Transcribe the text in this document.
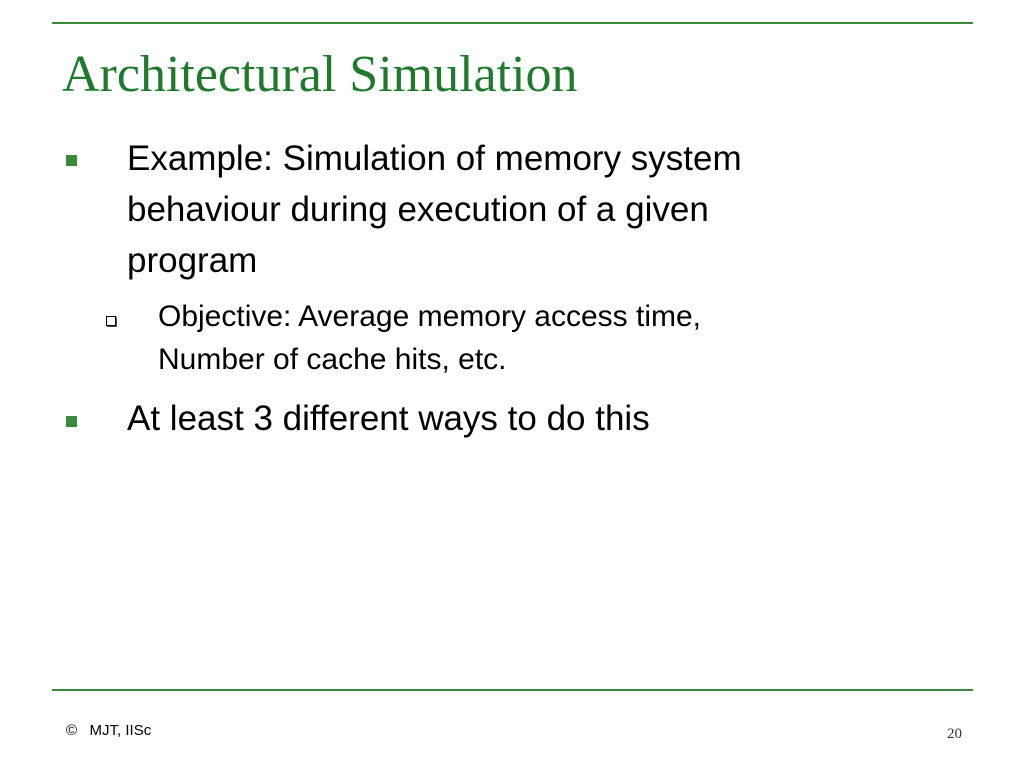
Architectural Simulation
Example: Simulation of memory system
behaviour during execution of a given
program
Objective: Average memory access time,
Number of cache hits, etc.
At least 3 different ways to do this
©   MJT, IISc	20
